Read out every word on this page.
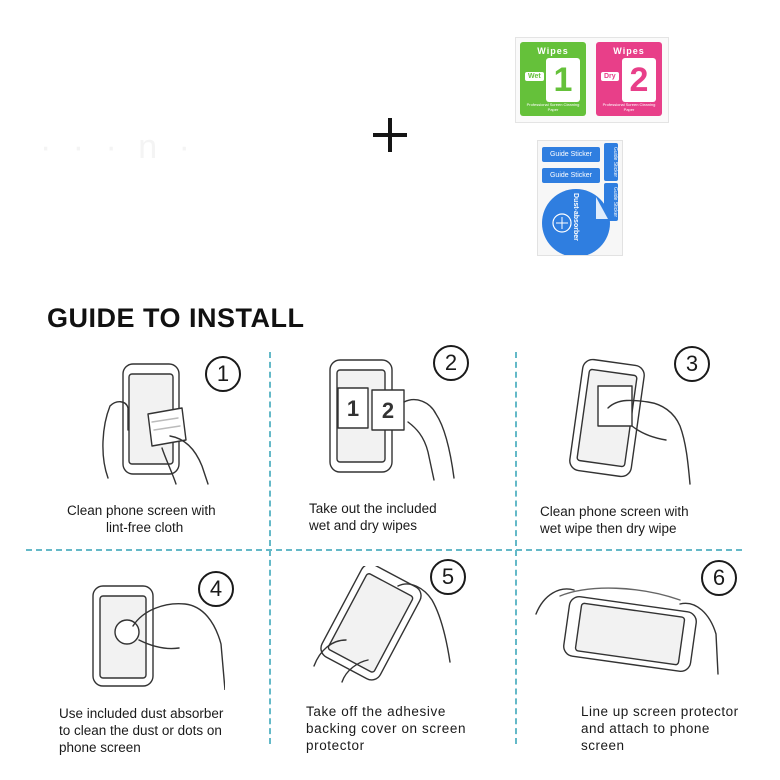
· · · n ·
Wipes
Wet 1
Professional Screen Cleaning Paper
Wipes
Dry 2
Professional Screen Cleaning Paper
Guide Sticker
Guide Sticker	Guide Sticker
Guide Sticker
Dust-absorber
GUIDE TO INSTALL
1
Clean phone screen with
lint-free cloth
2
1 2
Take out the included
wet and dry wipes
3
Clean phone screen with
wet wipe then dry wipe
4
Use included dust absorber
to clean the dust or dots on
phone screen
5
Take off the adhesive
backing cover on screen
protector
6
Line up screen protector
and attach to phone
screen
